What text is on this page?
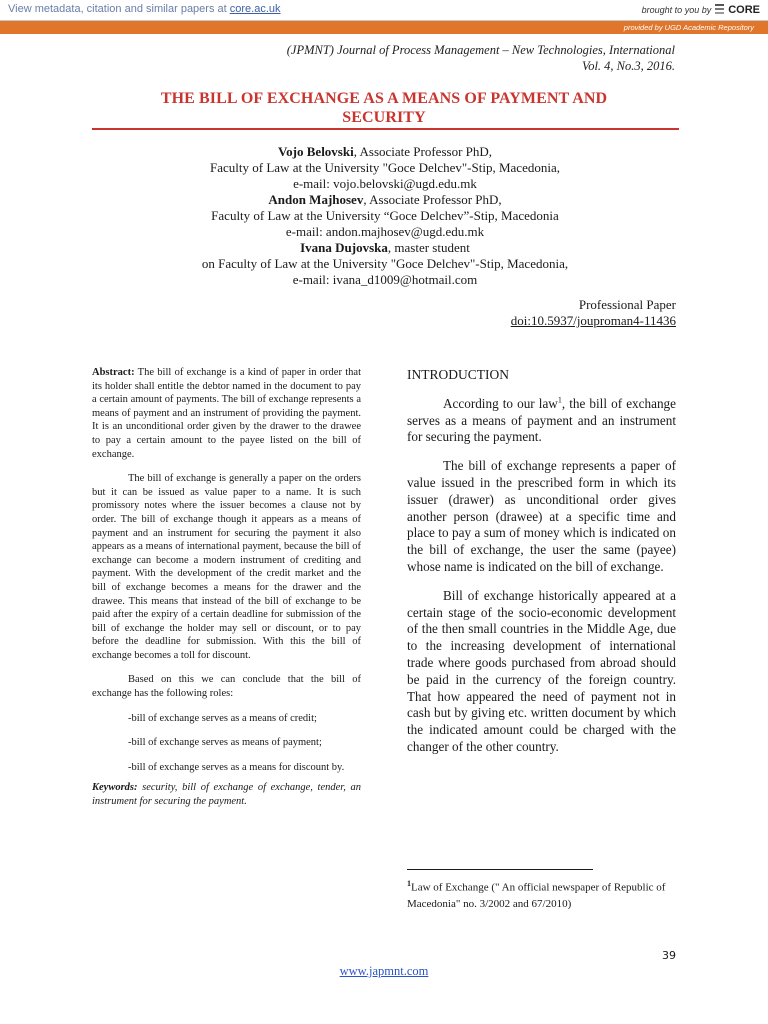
View metadata, citation and similar papers at core.ac.uk	brought to you by CORE
provided by UGD Academic Repository
(JPMNT) Journal of Process Management – New Technologies, International
Vol. 4, No.3, 2016.
THE BILL OF EXCHANGE AS A MEANS OF PAYMENT AND SECURITY
Vojo Belovski, Associate Professor PhD,
Faculty of Law at the University "Goce Delchev"-Stip, Macedonia,
e-mail: vojo.belovski@ugd.edu.mk
Andon Majhosev, Associate Professor PhD,
Faculty of Law at the University “Goce Delchev”-Stip, Macedonia
e-mail: andon.majhosev@ugd.edu.mk
Ivana Dujovska, master student
on Faculty of Law at the University "Goce Delchev"-Stip, Macedonia,
e-mail: ivana_d1009@hotmail.com
Professional Paper
doi:10.5937/jouproman4-11436

Abstract: The bill of exchange is a kind of paper in order that its holder shall entitle the debtor named in the document to pay a certain amount of payments. The bill of exchange represents a means of payment and an instrument of providing the payment. It is an unconditional order given by the drawer to the drawee to pay a certain amount to the payee listed on the bill of exchange.

The bill of exchange is generally a paper on the orders but it can be issued as value paper to a name. It is such promissory notes where the issuer becomes a clause not by order. The bill of exchange though it appears as a means of payment and an instrument for securing the payment it also appears as a means of international payment, because the bill of exchange can become a modern instrument of crediting and payment. With the development of the credit market and the bill of exchange becomes a means for the drawer and the drawee. This means that instead of the bill of exchange to be paid after the expiry of a certain deadline for submission of the bill of exchange the holder may sell or discount, or to pay before the deadline for submission. With this the bill of exchange becomes a toll for discount.

Based on this we can conclude that the bill of exchange has the following roles:

-bill of exchange serves as a means of credit;

-bill of exchange serves as means of payment;

-bill of exchange serves as a means for discount by.

Keywords: security, bill of exchange of exchange, tender, an instrument for securing the payment.

INTRODUCTION

According to our law$^1$, the bill of exchange serves as a means of payment and an instrument for securing the payment.

The bill of exchange represents a paper of value issued in the prescribed form in which its issuer (drawer) as unconditional order gives another person (drawee) at a specific time and place to pay a sum of money which is indicated on the bill of exchange, the user the same (payee) whose name is indicated on the bill of exchange.

Bill of exchange historically appeared at a certain stage of the socio-economic development of the then small countries in the Middle Age, due to the increasing development of international trade where goods purchased from abroad should be paid in the currency of the foreign country. That how appeared the need of payment not in cash but by giving etc. written document by which the indicated amount could be charged with the changer of the other country.

$^1$Law of Exchange (" An official newspaper of Republic of Macedonia" no. 3/2002 and 67/2010)
39
www.japmnt.com
